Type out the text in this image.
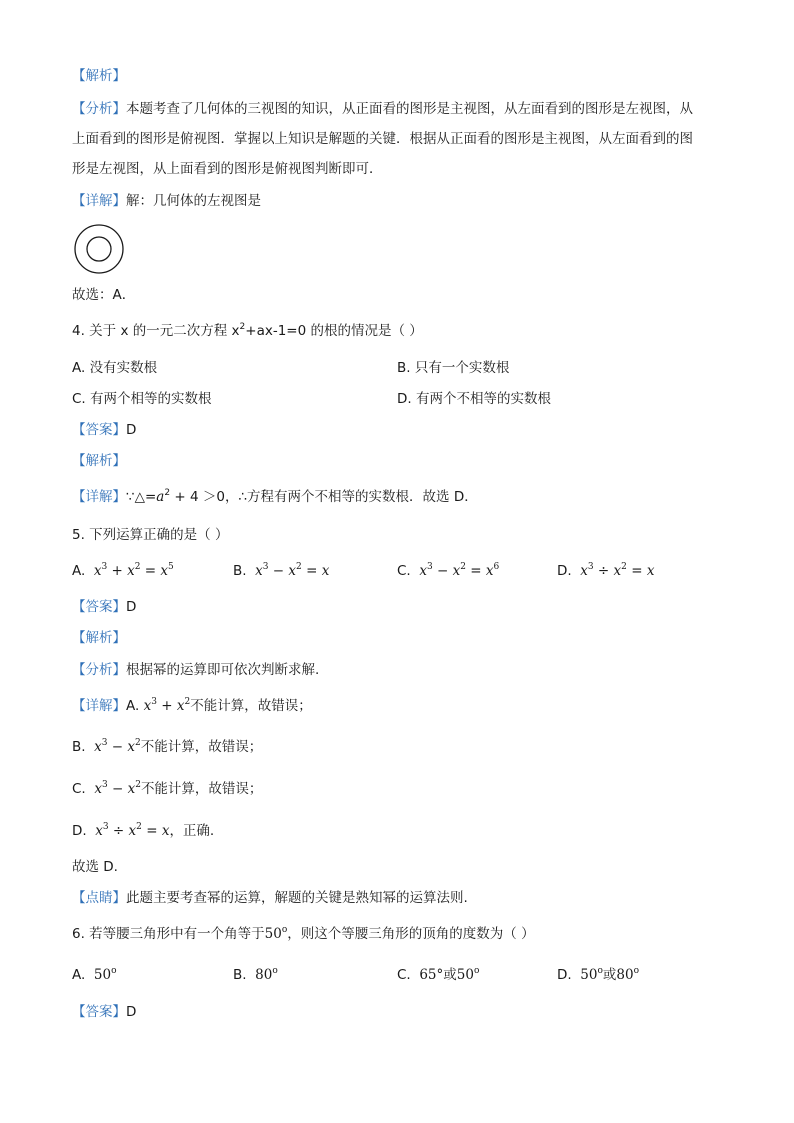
【解析】
【分析】本题考查了几何体的三视图的知识，从正面看的图形是主视图，从左面看到的图形是左视图，从
上面看到的图形是俯视图．掌握以上知识是解题的关键．根据从正面看的图形是主视图，从左面看到的图
形是左视图，从上面看到的图形是俯视图判断即可．
【详解】解：几何体的左视图是
故选：A．
4. 关于 x 的一元二次方程 $x^2+ax-1=0$ 的根的情况是（ ）
A. 没有实数根	B. 只有一个实数根
C. 有两个相等的实数根	D. 有两个不相等的实数根
【答案】D
【解析】
【详解】$\because\triangle=a^2 + 4 >0$，∴方程有两个不相等的实数根．故选 D．
5. 下列运算正确的是（ ）
A. $x^3 + x^2 = x^5$	B. $x^3 - x^2 = x$	C. $x^3 - x^2 = x^6$	D. $x^3 \div x^2 = x$
【答案】D
【解析】
【分析】根据幂的运算即可依次判断求解.
【详解】A. $x^3 + x^2$不能计算，故错误；
B. $x^3 - x^2$不能计算，故错误；
C. $x^3 - x^2$不能计算，故错误；
D. $x^3 \div x^2 = x$，正确.
故选 D.
【点睛】此题主要考查幂的运算，解题的关键是熟知幂的运算法则.
6. 若等腰三角形中有一个角等于50$^o$，则这个等腰三角形的顶角的度数为（ ）
A. 50$^o$	B. 80$^o$	C. 65°或50$^o$	D. 50$^o$或80$^o$
【答案】D
